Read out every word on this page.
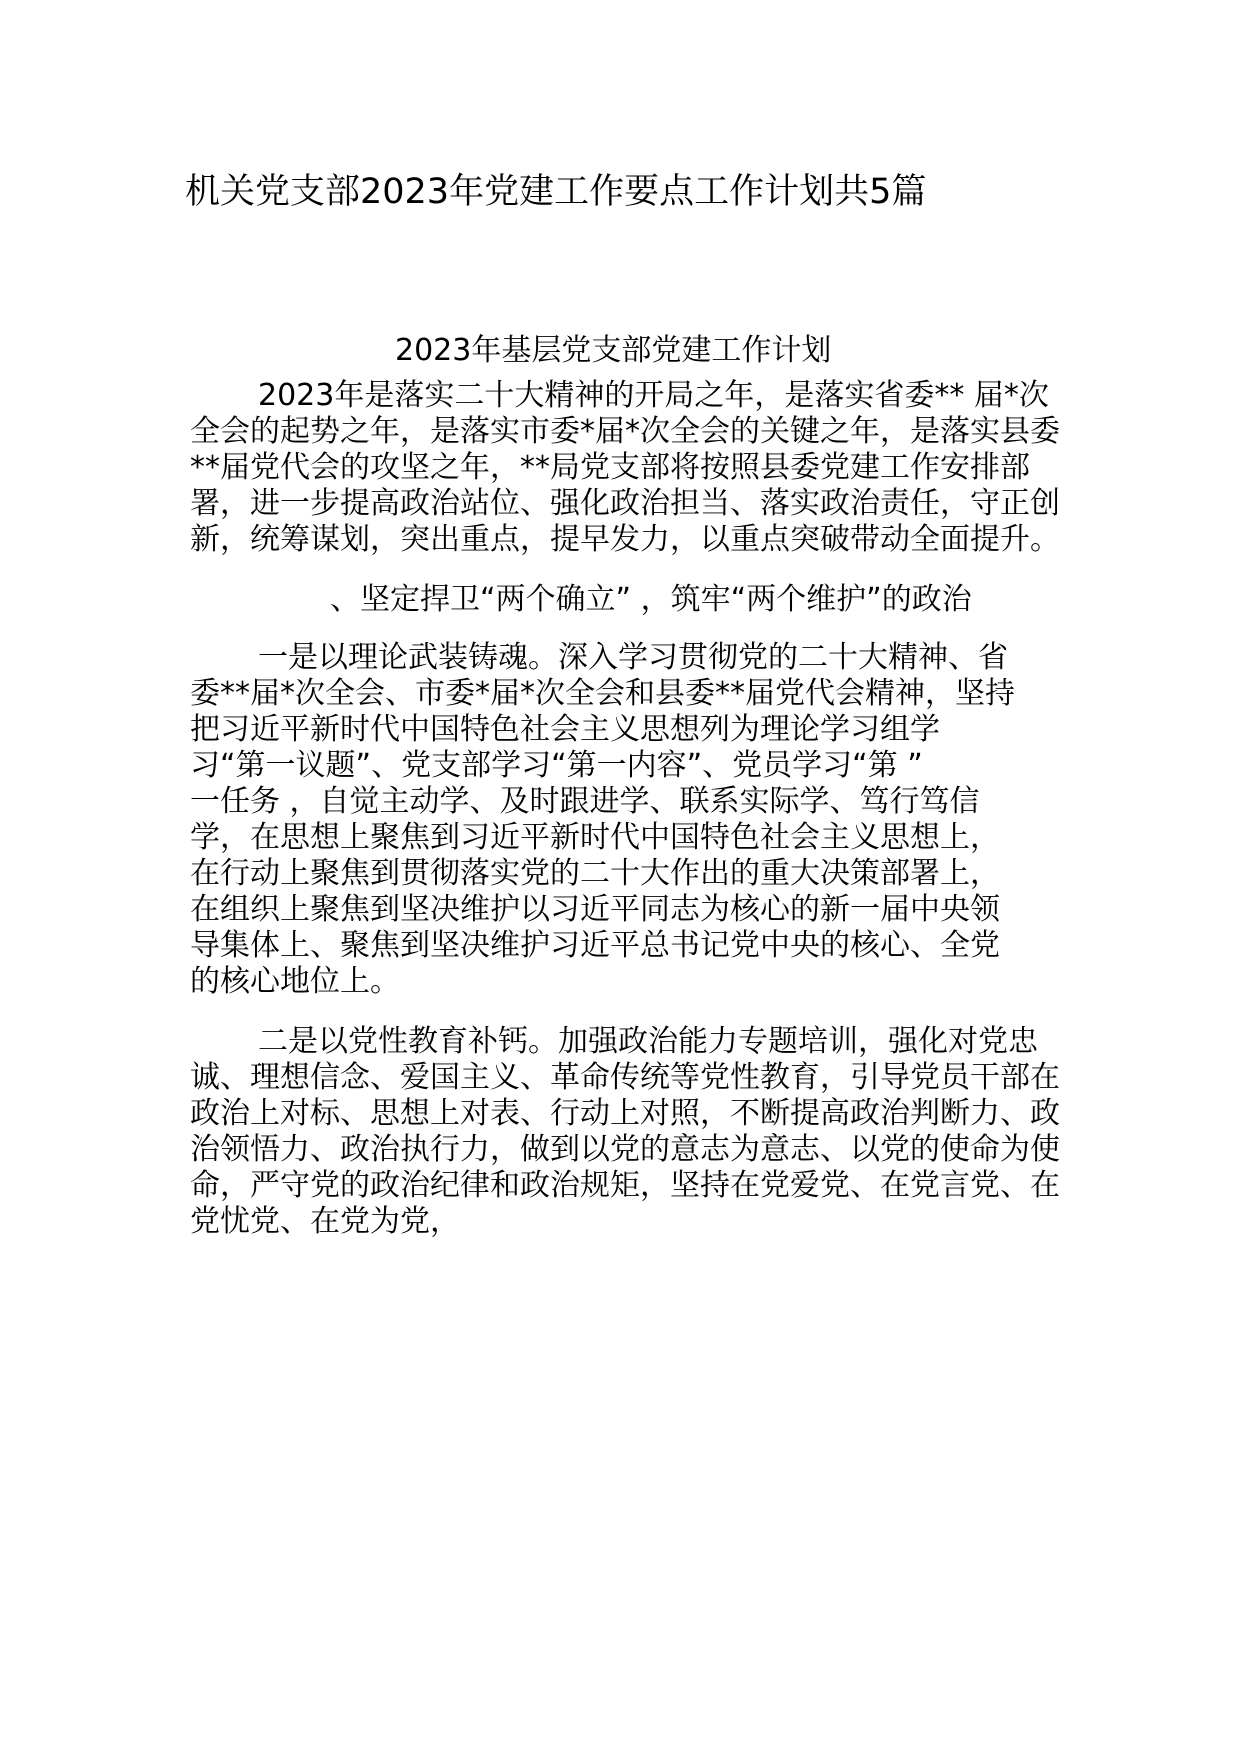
机关党支部2023年党建工作要点工作计划共5篇
2023年基层党支部党建工作计划
2023年是落实二十大精神的开局之年，是落实省委** 届*次
全会的起势之年，是落实市委*届*次全会的关键之年，是落实县委
**届党代会的攻坚之年，**局党支部将按照县委党建工作安排部
署，进一步提高政治站位、强化政治担当、落实政治责任，守正创
新，统筹谋划，突出重点，提早发力，以重点突破带动全面提升。
、坚定捍卫“两个确立” ，筑牢“两个维护”的政治
一是以理论武装铸魂。深入学习贯彻党的二十大精神、省
委**届*次全会、市委*届*次全会和县委**届党代会精神，坚持
把习近平新时代中国特色社会主义思想列为理论学习组学
习“第一议题”、党支部学习“第一内容”、党员学习“第 ”
一任务 ，自觉主动学、及时跟进学、联系实际学、笃行笃信
学，在思想上聚焦到习近平新时代中国特色社会主义思想上，
在行动上聚焦到贯彻落实党的二十大作出的重大决策部署上，
在组织上聚焦到坚决维护以习近平同志为核心的新一届中央领
导集体上、聚焦到坚决维护习近平总书记党中央的核心、全党
的核心地位上。
二是以党性教育补钙。加强政治能力专题培训，强化对党忠
诚、理想信念、爱国主义、革命传统等党性教育，引导党员干部在
政治上对标、思想上对表、行动上对照，不断提高政治判断力、政
治领悟力、政治执行力，做到以党的意志为意志、以党的使命为使
命，严守党的政治纪律和政治规矩，坚持在党爱党、在党言党、在
党忧党、在党为党，
